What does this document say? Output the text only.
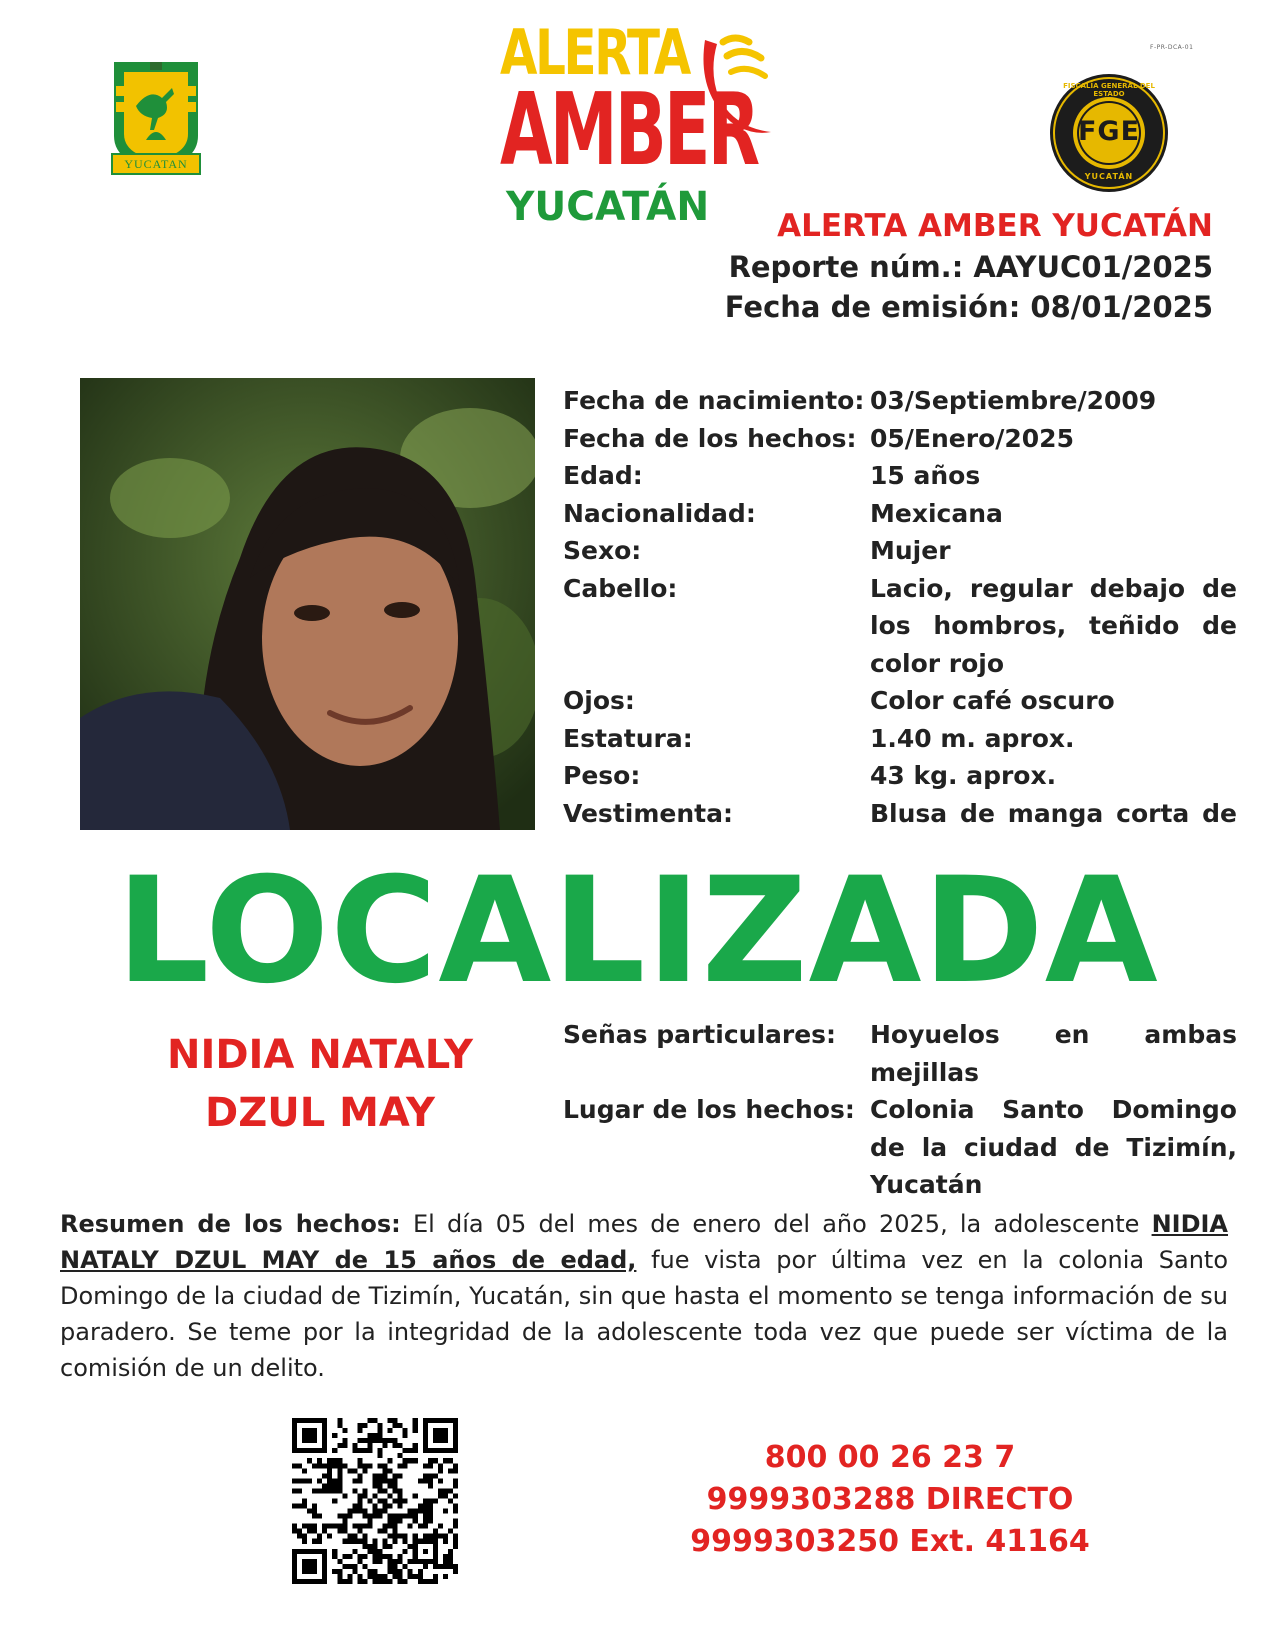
F-PR-DCA-01
YUCATAN
ALERTA
AMBER
YUCATÁN
FGE
FISCALÍA GENERAL DEL ESTADO
YUCATÁN
ALERTA AMBER YUCATÁN
Reporte núm.: AAYUC01/2025
Fecha de emisión: 08/01/2025
Fecha de nacimiento: 03/Septiembre/2009
Fecha de los hechos: 05/Enero/2025
Edad:	15 años
Nacionalidad:	Mexicana
Sexo:	Mujer
Cabello:	Lacio, regular debajo de los hombros, teñido de color rojo
Ojos:	Color café oscuro
Estatura:	1.40 m. aprox.
Peso:	43 kg. aprox.
Vestimenta:	Blusa de manga corta de
LOCALIZADA
NIDIA NATALY
DZUL MAY
Señas particulares:	Hoyuelos en ambas mejillas
Lugar de los hechos: Colonia Santo Domingo de la ciudad de Tizimín, Yucatán
Resumen de los hechos: El día 05 del mes de enero del año 2025, la adolescente NIDIA NATALY DZUL MAY de 15 años de edad, fue vista por última vez en la colonia Santo Domingo de la ciudad de Tizimín, Yucatán, sin que hasta el momento se tenga información de su paradero. Se teme por la integridad de la adolescente toda vez que puede ser víctima de la comisión de un delito.
800 00 26 23 7
9999303288 DIRECTO
9999303250 Ext. 41164
